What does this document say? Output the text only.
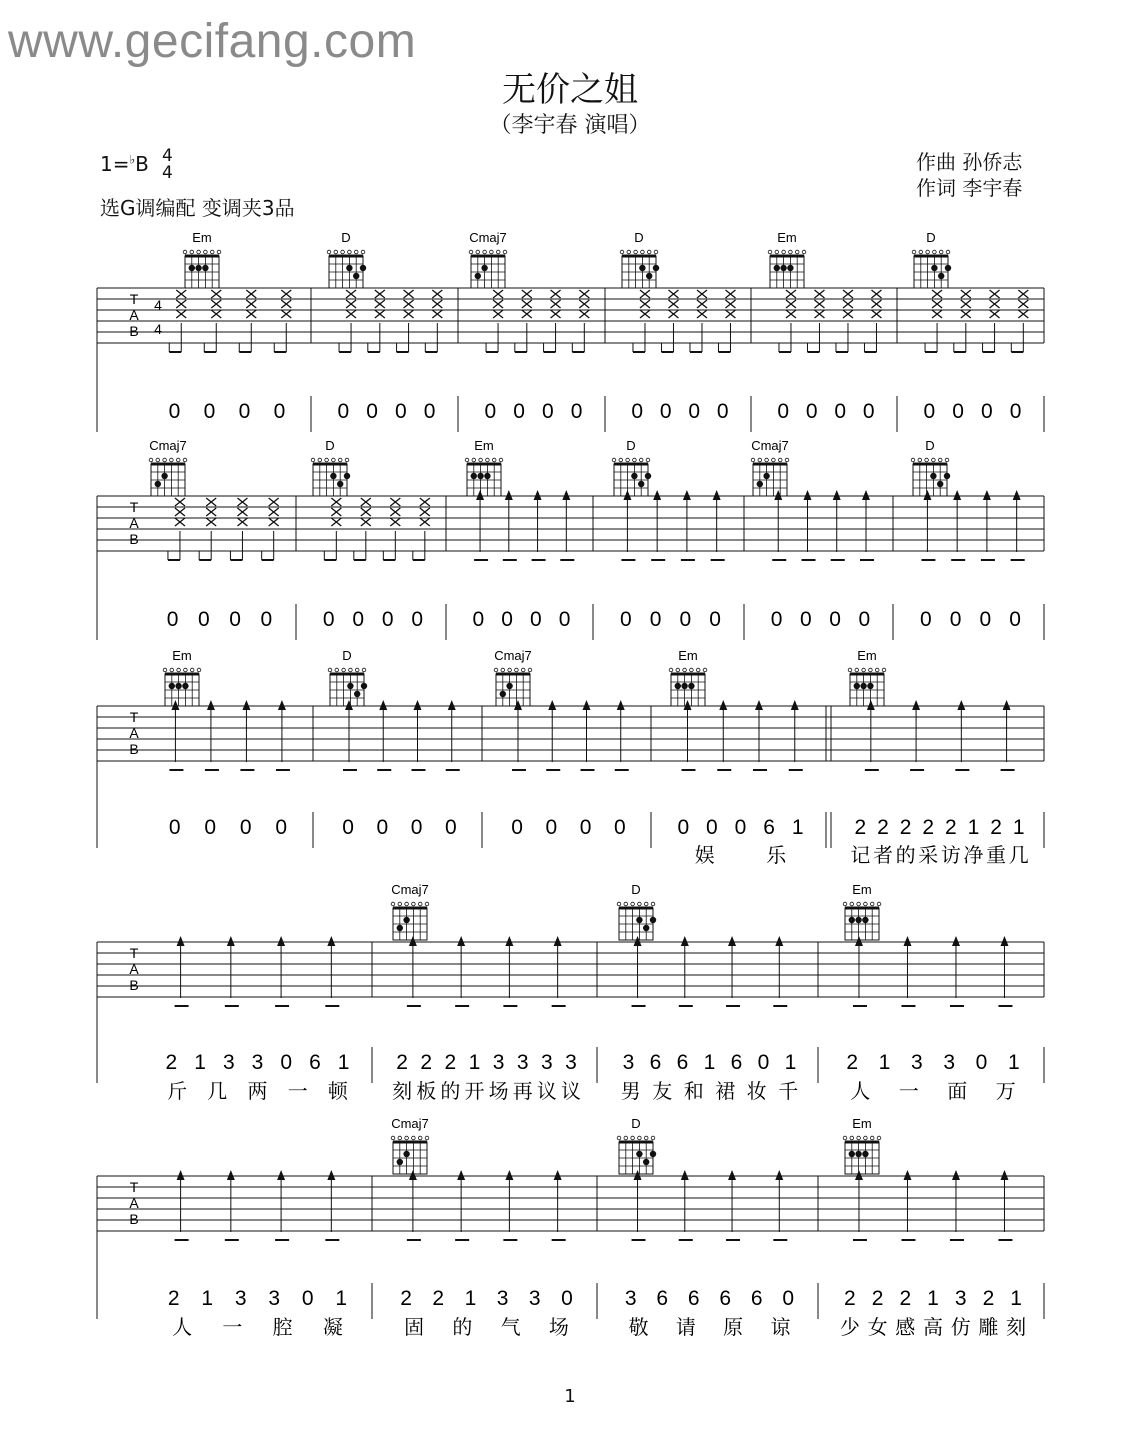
www.gecifang.com
无价之姐
（李宇春 演唱）
1=♭B 4
4
选G调编配 变调夹3品
作曲 孙侨志
作词 李宇春
T
A
B
4
4
Em	D	Cmaj7	D	Em	D
0 0 0 0 0 0 0 0 0 0 0 0 0 0 0 0 0 0 0 0 0 0 0 0
T
A
B
Cmaj7	D	Em	D	Cmaj7	D
0 0 0 0 0 0 0 0 0 0 0 0 0 0 0 0 0 0 0 0 0 0 0 0
T
A
B
Em	D	Cmaj7	Em	Em
0 0 0 0	0 0 0 0	0 0 0 0 0 0 0 6 1
娱	乐
2 2 2 2 2 1 2 1
记 者 的 采 访 净 重 几
T
A
B
Cmaj7	D	Em
2 1 3 3 0 6 1
斤 几 两 一 顿
2 2 2 1 3 3 3 3
刻 板 的 开 场 再 议 议
3 6 6 1 6 0 1
男 友 和 裙 妆 千
2 1 3 3 0 1
人 一 面 万
T
A
B
Cmaj7	D	Em
2 1 3 3 0 1
人 一 腔 凝
2 2 1 3 3 0
固 的 气 场
3 6 6 6 6 0
敬 请 原 谅
2 2 2 1 3 2 1
少 女 感 高 仿 雕 刻
1
